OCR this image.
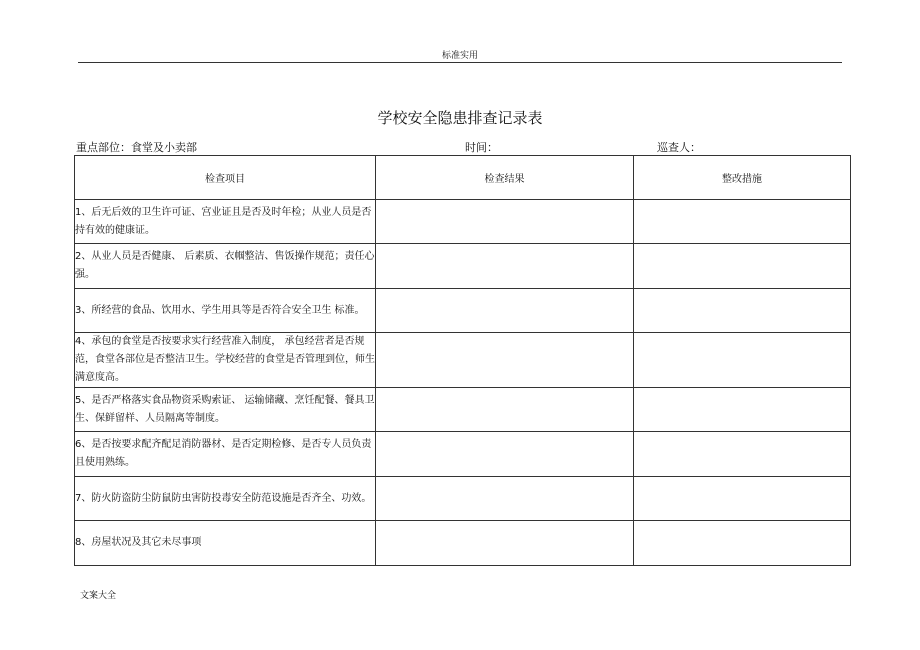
标准实用
学校安全隐患排查记录表
重点部位：食堂及小卖部	时间：	巡查人：
检查项目	检查结果	整改措施
1、后无后效的卫生许可证、宫业证且是否及时年检；从业人员是否持有效的健康证。		
2、从业人员是否健康、 后素质、衣帼整洁、售饭操作规范；责任心强。		
3、所经营的食品、饮用水、学生用具等是否符合安全卫生 标准。		
4、承包的食堂是否按要求实行经营准入制度， 承包经营者是否规范，食堂各部位是否整洁卫生。学校经营的食堂是否管理到位，师生满意度高。		
5、是否严格落实食品物资采购索证、 运输储藏、烹饪配餐、餐具卫生、保鲜留样、人员隔离等制度。		
6、是否按要求配齐配足消防器材、是否定期检修、是否专人员负责且使用熟练。		
7、防火防盗防尘防鼠防虫害防投毒安全防范设施是否齐全、功效。		
8、房屋状况及其它未尽事项		
文案大全
